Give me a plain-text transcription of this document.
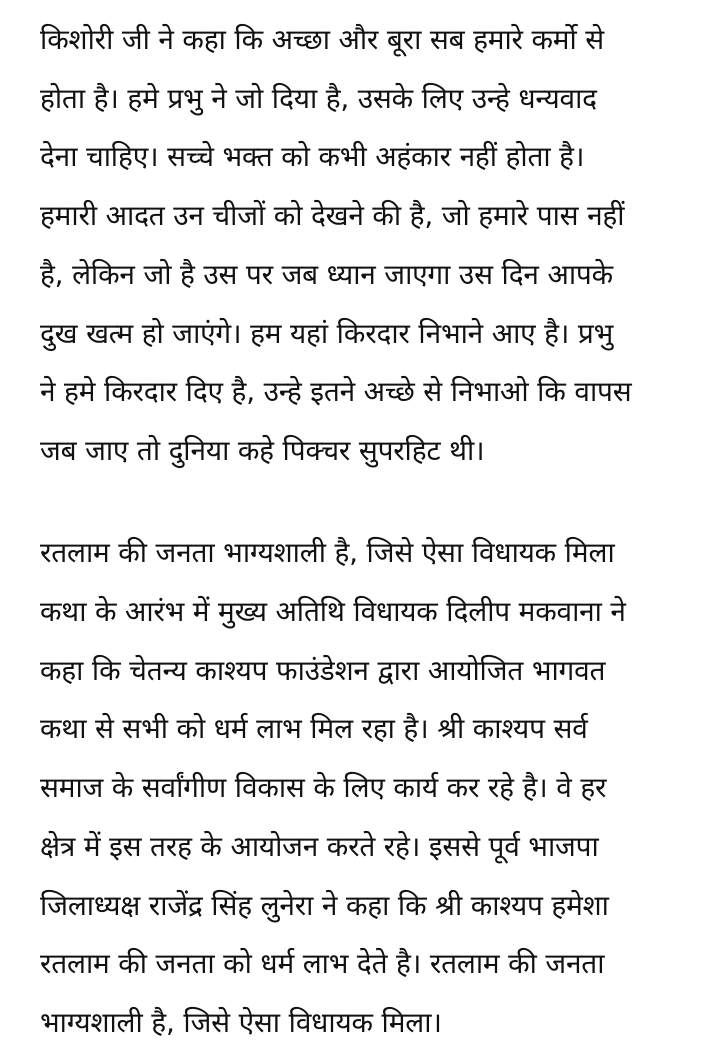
किशोरी जी ने कहा कि अच्छा और बूरा सब हमारे कर्मो से

होता है। हमे प्रभु ने जो दिया है, उसके लिए उन्हे धन्यवाद

देना चाहिए। सच्चे भक्त को कभी अहंकार नहीं होता है।

हमारी आदत उन चीजों को देखने की है, जो हमारे पास नहीं

है, लेकिन जो है उस पर जब ध्यान जाएगा उस दिन आपके

दुख खत्म हो जाएंगे। हम यहां किरदार निभाने आए है। प्रभु

ने हमे किरदार दिए है, उन्हे इतने अच्छे से निभाओ कि वापस

जब जाए तो दुनिया कहे पिक्चर सुपरहिट थी।

रतलाम की जनता भाग्यशाली है, जिसे ऐसा विधायक मिला

कथा के आरंभ में मुख्य अतिथि विधायक दिलीप मकवाना ने

कहा कि चेतन्य काश्यप फाउंडेशन द्वारा आयोजित भागवत

कथा से सभी को धर्म लाभ मिल रहा है। श्री काश्यप सर्व

समाज के सर्वांगीण विकास के लिए कार्य कर रहे है। वे हर

क्षेत्र में इस तरह के आयोजन करते रहे। इससे पूर्व भाजपा

जिलाध्यक्ष राजेंद्र सिंह लुनेरा ने कहा कि श्री काश्यप हमेशा

रतलाम की जनता को धर्म लाभ देते है। रतलाम की जनता

भाग्यशाली है, जिसे ऐसा विधायक मिला।
